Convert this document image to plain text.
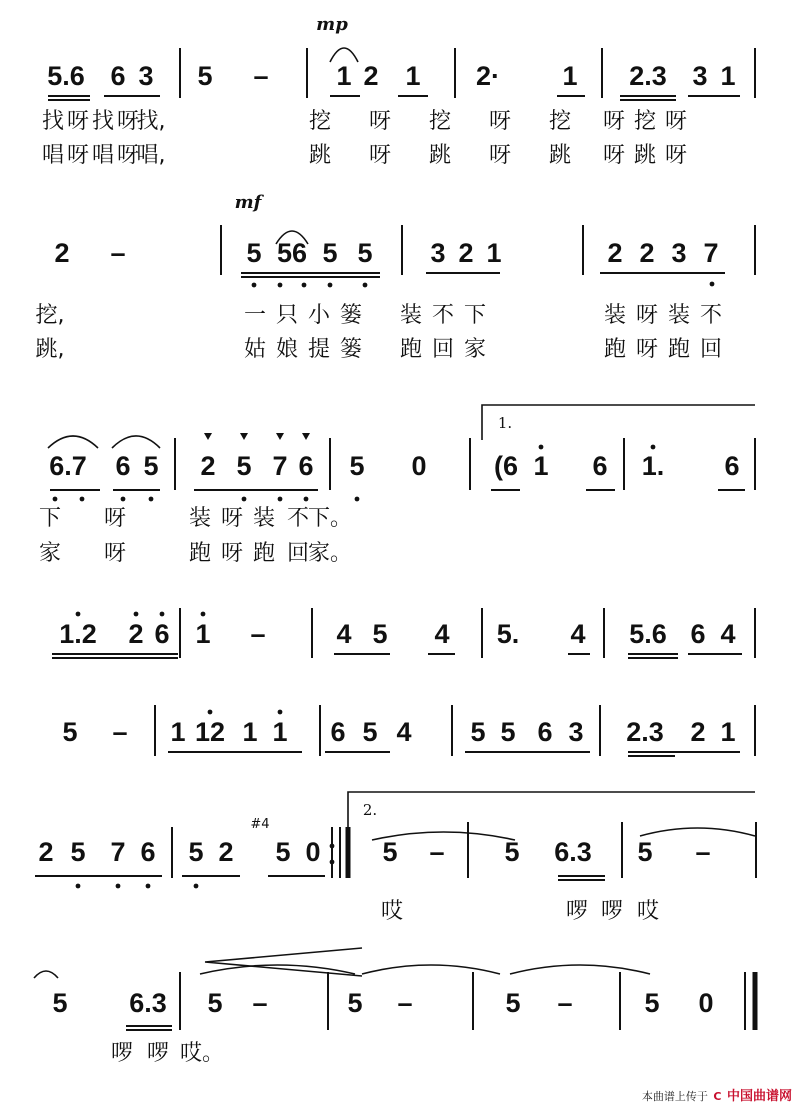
5.6 6 3 5 –	1 2 1 2· 1 2.3 3 1
找 呀 找 呀
找,	挖 呀 挖 呀 挖 呀 挖 呀
唱 呀 唱 呀
唱,	跳 呀 跳 呀 跳 呀 跳 呀
2 –	5 56 5 5 3 2 1	2 2 3 7
挖,	一 只 小 篓 装 不 下	装 呀 装 不
跳,	姑 娘 提 篓 跑 回 家	跑 呀 跑 回
6.7 6 5 2 5 7 6 5 0 (6 1 6 1. 6
下 呀	装 呀 装 不
下。
家 呀	跑 呀 跑 回
家。
1.2 2 6 1 –	4 5 4 5. 4 5.6 6 4
5 – 1 12 1 1 6 5 4 5 5 6 3 2.3 2 1
2 5 7 6 5 2 5 0 5 – 5 6.3 5 –
哎	啰 啰 哎
5 6.3 5 –	5 –	5 –	5 0
啰 啰 哎。
mp
mf
1.
2.
#4
本曲谱上传于 C 中国曲谱网
